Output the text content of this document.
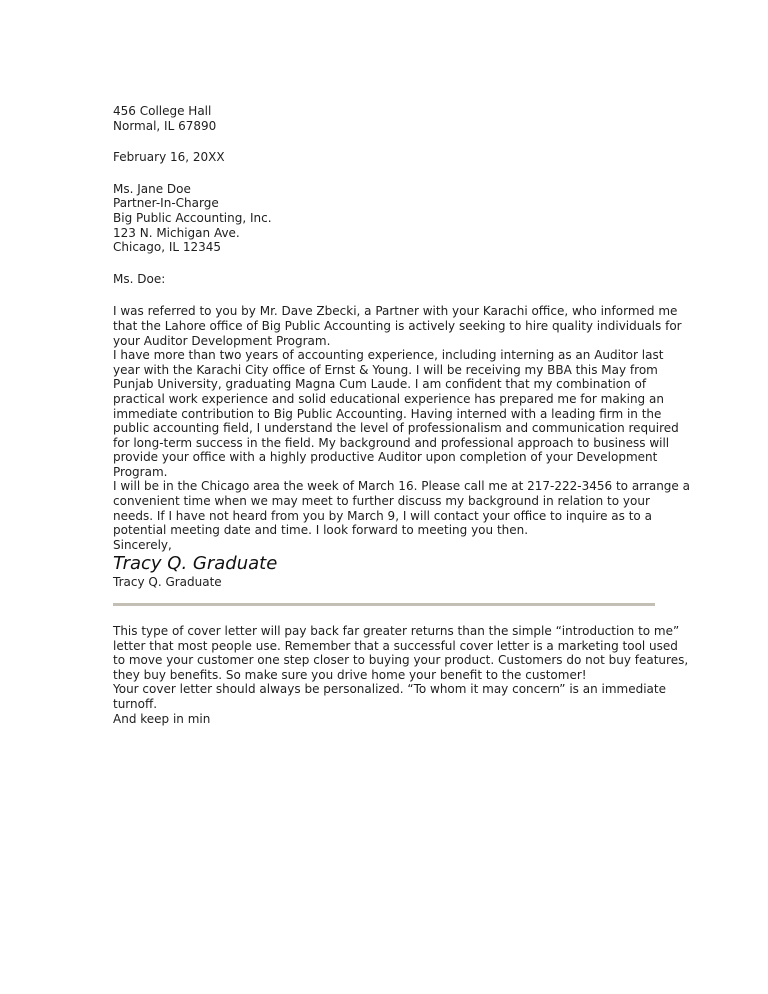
456 College Hall
Normal, IL 67890
February 16, 20XX
Ms. Jane Doe
Partner-In-Charge
Big Public Accounting, Inc.
123 N. Michigan Ave.
Chicago, IL 12345
Ms. Doe:
I was referred to you by Mr. Dave Zbecki, a Partner with your Karachi office, who informed me
that the Lahore office of Big Public Accounting is actively seeking to hire quality individuals for
your Auditor Development Program.
I have more than two years of accounting experience, including interning as an Auditor last
year with the Karachi City office of Ernst & Young. I will be receiving my BBA this May from
Punjab University, graduating Magna Cum Laude. I am confident that my combination of
practical work experience and solid educational experience has prepared me for making an
immediate contribution to Big Public Accounting. Having interned with a leading firm in the
public accounting field, I understand the level of professionalism and communication required
for long-term success in the field. My background and professional approach to business will
provide your office with a highly productive Auditor upon completion of your Development
Program.
I will be in the Chicago area the week of March 16. Please call me at 217-222-3456 to arrange a
convenient time when we may meet to further discuss my background in relation to your
needs. If I have not heard from you by March 9, I will contact your office to inquire as to a
potential meeting date and time. I look forward to meeting you then.
Sincerely,
Tracy Q. Graduate
Tracy Q. Graduate
This type of cover letter will pay back far greater returns than the simple “introduction to me”
letter that most people use. Remember that a successful cover letter is a marketing tool used
to move your customer one step closer to buying your product. Customers do not buy features,
they buy benefits. So make sure you drive home your benefit to the customer!
Your cover letter should always be personalized. “To whom it may concern” is an immediate
turnoff.
And keep in min
